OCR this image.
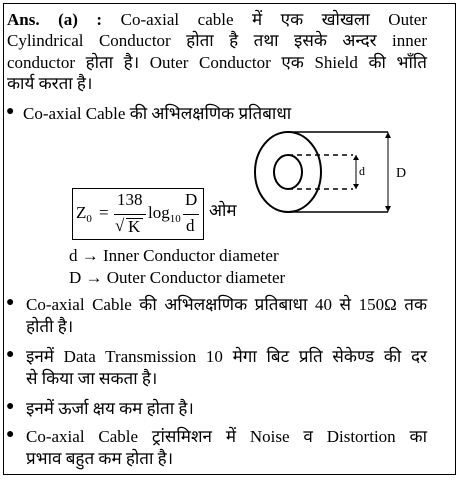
Ans. (a) : Co-axial cable में एक खोखला Outer
Cylindrical Conductor होता है तथा इसके अन्दर inner
conductor होता है। Outer Conductor एक Shield की भाँति
कार्य करता है।
● Co-axial Cable की अभिलक्षणिक प्रतिबाधा
d D
$Z_0$ =
138
√ K
$\log_{10}$
D
d
ओम
d → Inner Conductor diameter
D → Outer Conductor diameter
● Co-axial Cable की अभिलक्षणिक प्रतिबाधा 40 से 150Ω तक
होती है।
● इनमें Data Transmission 10 मेगा बिट प्रति सेकेण्ड की दर
से किया जा सकता है।
● इनमें ऊर्जा क्षय कम होता है।
● Co-axial Cable ट्रांसमिशन में Noise व Distortion का
प्रभाव बहुत कम होता है।
